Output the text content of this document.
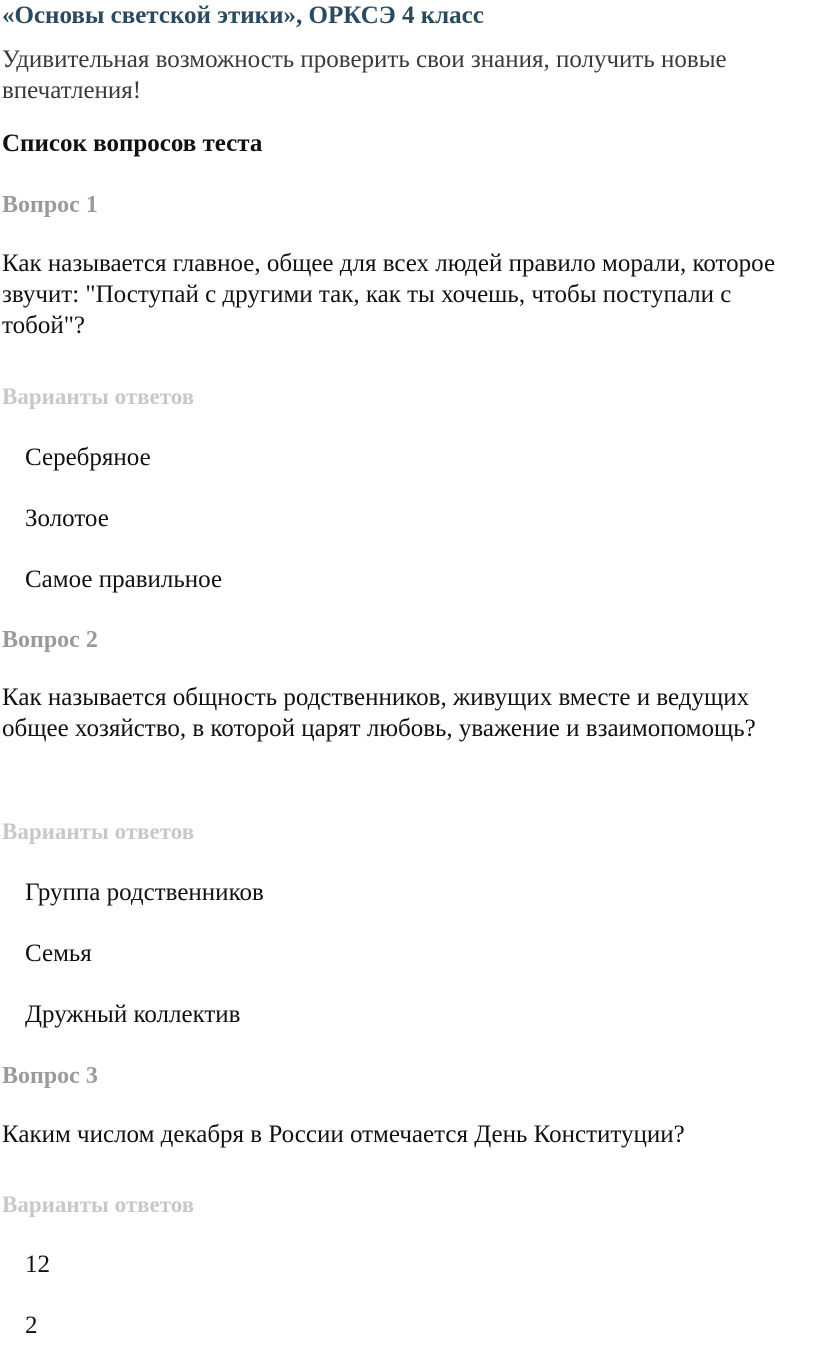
«Основы светской этики», ОРКСЭ 4 класс
Удивительная возможность проверить свои знания, получить новые впечатления!
Список вопросов теста
Вопрос 1
Как называется главное, общее для всех людей правило морали, которое звучит: "Поступай с другими так, как ты хочешь, чтобы поступали с тобой"?
Варианты ответов
Серебряное
Золотое
Самое правильное
Вопрос 2
Как называется общность родственников, живущих вместе и ведущих общее хозяйство, в которой царят любовь, уважение и взаимопомощь?
Варианты ответов
Группа родственников
Семья
Дружный коллектив
Вопрос 3
Каким числом декабря в России отмечается День Конституции?
Варианты ответов
12
2
